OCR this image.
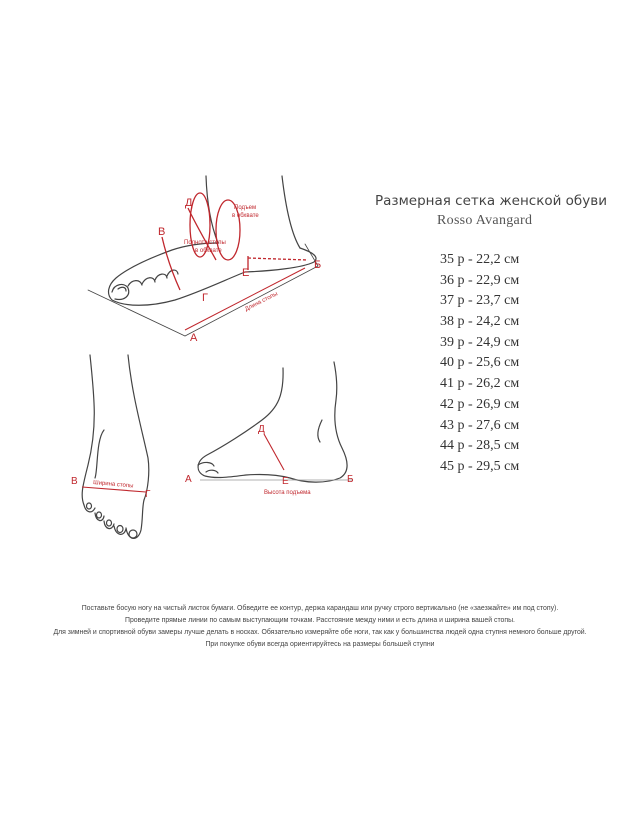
Д
В
Е
Г
Б
А
Подъем
в обхвате
Полнота стопы
в обхвате
Длина стопы
В
Г
Ширина стопы
Д
Е
А	Б
Высота подъема
Размерная сетка женской обуви
Rosso Avangard
35 р - 22,2 см
36 р - 22,9 см
37 р - 23,7 см
38 р - 24,2 см
39 р - 24,9 см
40 р - 25,6 см
41 р - 26,2 см
42 р - 26,9 см
43 р - 27,6 см
44 р - 28,5 см
45 р - 29,5 см

Поставьте босую ногу на чистый листок бумаги. Обведите ее контур, держа карандаш или ручку строго вертикально (не «заезжайте» им под стопу).

Проведите прямые линии по самым выступающим точкам. Расстояние между ними и есть длина и ширина вашей стопы.

Для зимней и спортивной обуви замеры лучше делать в носках. Обязательно измеряйте обе ноги, так как у большинства людей одна ступня немного больше другой.

При покупке обуви всегда ориентируйтесь на размеры большей ступни
